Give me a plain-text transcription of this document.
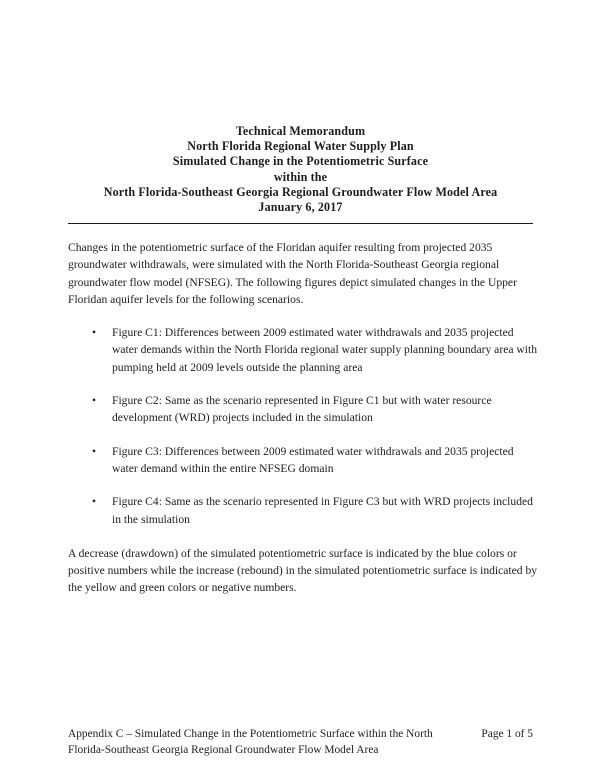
Technical Memorandum
North Florida Regional Water Supply Plan
Simulated Change in the Potentiometric Surface
within the
North Florida-Southeast Georgia Regional Groundwater Flow Model Area
January 6, 2017

Changes in the potentiometric surface of the Floridan aquifer resulting from projected 2035 groundwater withdrawals, were simulated with the North Florida-Southeast Georgia regional groundwater flow model (NFSEG). The following figures depict simulated changes in the Upper Floridan aquifer levels for the following scenarios.

• Figure C1: Differences between 2009 estimated water withdrawals and 2035 projected water demands within the North Florida regional water supply planning boundary area with pumping held at 2009 levels outside the planning area
• Figure C2: Same as the scenario represented in Figure C1 but with water resource development (WRD) projects included in the simulation
• Figure C3: Differences between 2009 estimated water withdrawals and 2035 projected water demand within the entire NFSEG domain
• Figure C4: Same as the scenario represented in Figure C3 but with WRD projects included in the simulation

A decrease (drawdown) of the simulated potentiometric surface is indicated by the blue colors or positive numbers while the increase (rebound) in the simulated potentiometric surface is indicated by the yellow and green colors or negative numbers.

Appendix C – Simulated Change in the Potentiometric Surface within the North Florida-Southeast Georgia Regional Groundwater Flow Model Area
Page 1 of 5
